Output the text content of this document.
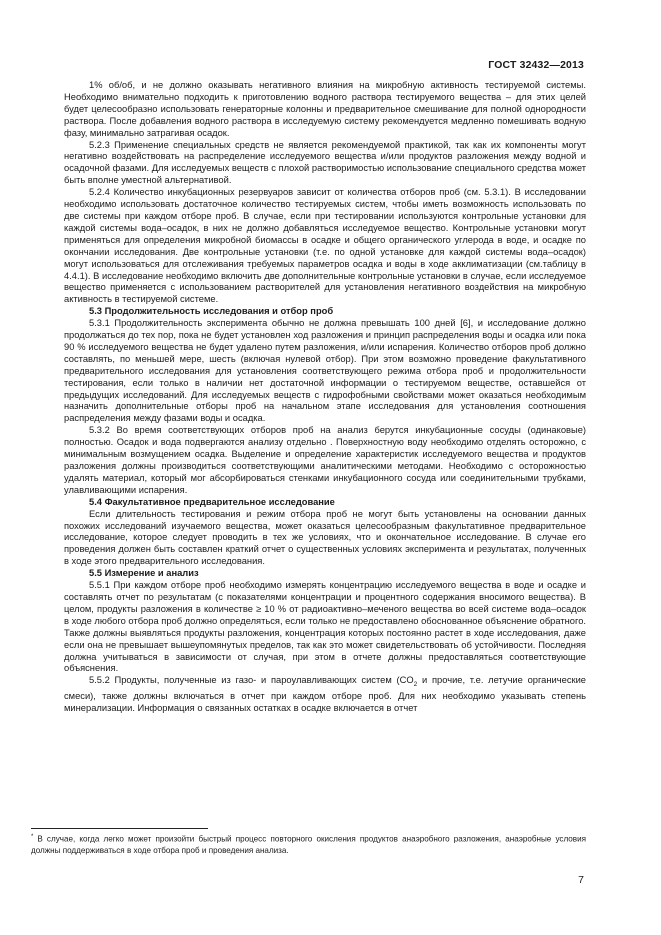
ГОСТ 32432—2013

1% об/об, и не должно оказывать негативного влияния на микробную активность тестируемой системы. Необходимо внимательно подходить к приготовлению водного раствора тестируемого вещества – для этих целей будет целесообразно использовать генераторные колонны и предварительное смешивание для полной однородности раствора. После добавления водного раствора в исследуемую систему рекомендуется медленно помешивать водную фазу, минимально затрагивая осадок.

5.2.3 Применение специальных средств не является рекомендуемой практикой, так как их компоненты могут негативно воздействовать на распределение исследуемого вещества и/или продуктов разложения между водной и осадочной фазами. Для исследуемых веществ с плохой растворимостью использование специального средства может быть вполне уместной альтернативой.

5.2.4 Количество инкубационных резервуаров зависит от количества отборов проб (см. 5.3.1). В исследовании необходимо использовать достаточное количество тестируемых систем, чтобы иметь возможность использовать по две системы при каждом отборе проб. В случае, если при тестировании используются контрольные установки для каждой системы вода–осадок, в них не должно добавляться исследуемое вещество. Контрольные установки могут применяться для определения микробной биомассы в осадке и общего органического углерода в воде, и осадке по окончании исследования. Две контрольные установки (т.е. по одной установке для каждой системы вода–осадок) могут использоваться для отслеживания требуемых параметров осадка и воды в ходе акклиматизации (см.таблицу в 4.4.1). В исследование необходимо включить две дополнительные контрольные установки в случае, если исследуемое вещество применяется с использованием растворителей для установления негативного воздействия на микробную активность в тестируемой системе.

5.3 Продолжительность исследования и отбор проб

5.3.1 Продолжительность эксперимента обычно не должна превышать 100 дней [6], и исследование должно продолжаться до тех пор, пока не будет установлен ход разложения и принцип распределения воды и осадка или пока 90 % исследуемого вещества не будет удалено путем разложения, и/или испарения. Количество отборов проб должно составлять, по меньшей мере, шесть (включая нулевой отбор). При этом возможно проведение факультативного предварительного исследования для установления соответствующего режима отбора проб и продолжительности тестирования, если только в наличии нет достаточной информации о тестируемом веществе, оставшейся от предыдущих исследований. Для исследуемых веществ с гидрофобными свойствами может оказаться необходимым назначить дополнительные отборы проб на начальном этапе исследования для установления соотношения распределения между фазами воды и осадка.

5.3.2 Во время соответствующих отборов проб на анализ берутся инкубационные сосуды (одинаковые) полностью. Осадок и вода подвергаются анализу отдельно . Поверхностную воду необходимо отделять осторожно, с минимальным возмущением осадка. Выделение и определение характеристик исследуемого вещества и продуктов разложения должны производиться соответствующими аналитическими методами. Необходимо с осторожностью удалять материал, который мог абсорбироваться стенками инкубационного сосуда или соединительными трубками, улавливающими испарения.

5.4 Факультативное предварительное исследование

Если длительность тестирования и режим отбора проб не могут быть установлены на основании данных похожих исследований изучаемого вещества, может оказаться целесообразным факультативное предварительное исследование, которое следует проводить в тех же условиях, что и окончательное исследование. В случае его проведения должен быть составлен краткий отчет о существенных условиях эксперимента и результатах, полученных в ходе этого предварительного исследования.

5.5 Измерение и анализ

5.5.1 При каждом отборе проб необходимо измерять концентрацию исследуемого вещества в воде и осадке и составлять отчет по результатам (с показателями концентрации и процентного содержания вносимого вещества). В целом, продукты разложения в количестве ≥ 10 % от радиоактивно–меченого вещества во всей системе вода–осадок в ходе любого отбора проб должно определяться, если только не предоставлено обоснованное объяснение обратного. Также должны выявляться продукты разложения, концентрация которых постоянно растет в ходе исследования, даже если она не превышает вышеупомянутых пределов, так как это может свидетельствовать об устойчивости. Последняя должна учитываться в зависимости от случая, при этом в отчете должны предоставляться соответствующие объяснения.

5.5.2 Продукты, полученные из газо- и пароулавливающих систем ($CO_2$ и прочие, т.е. летучие органические смеси), также должны включаться в отчет при каждом отборе проб. Для них необходимо указывать степень минерализации. Информация о связанных остатках в осадке включается в отчет

* В случае, когда легко может произойти быстрый процесс повторного окисления продуктов анаэробного разложения, анаэробные условия должны поддерживаться в ходе отбора проб и проведения анализа.
7
